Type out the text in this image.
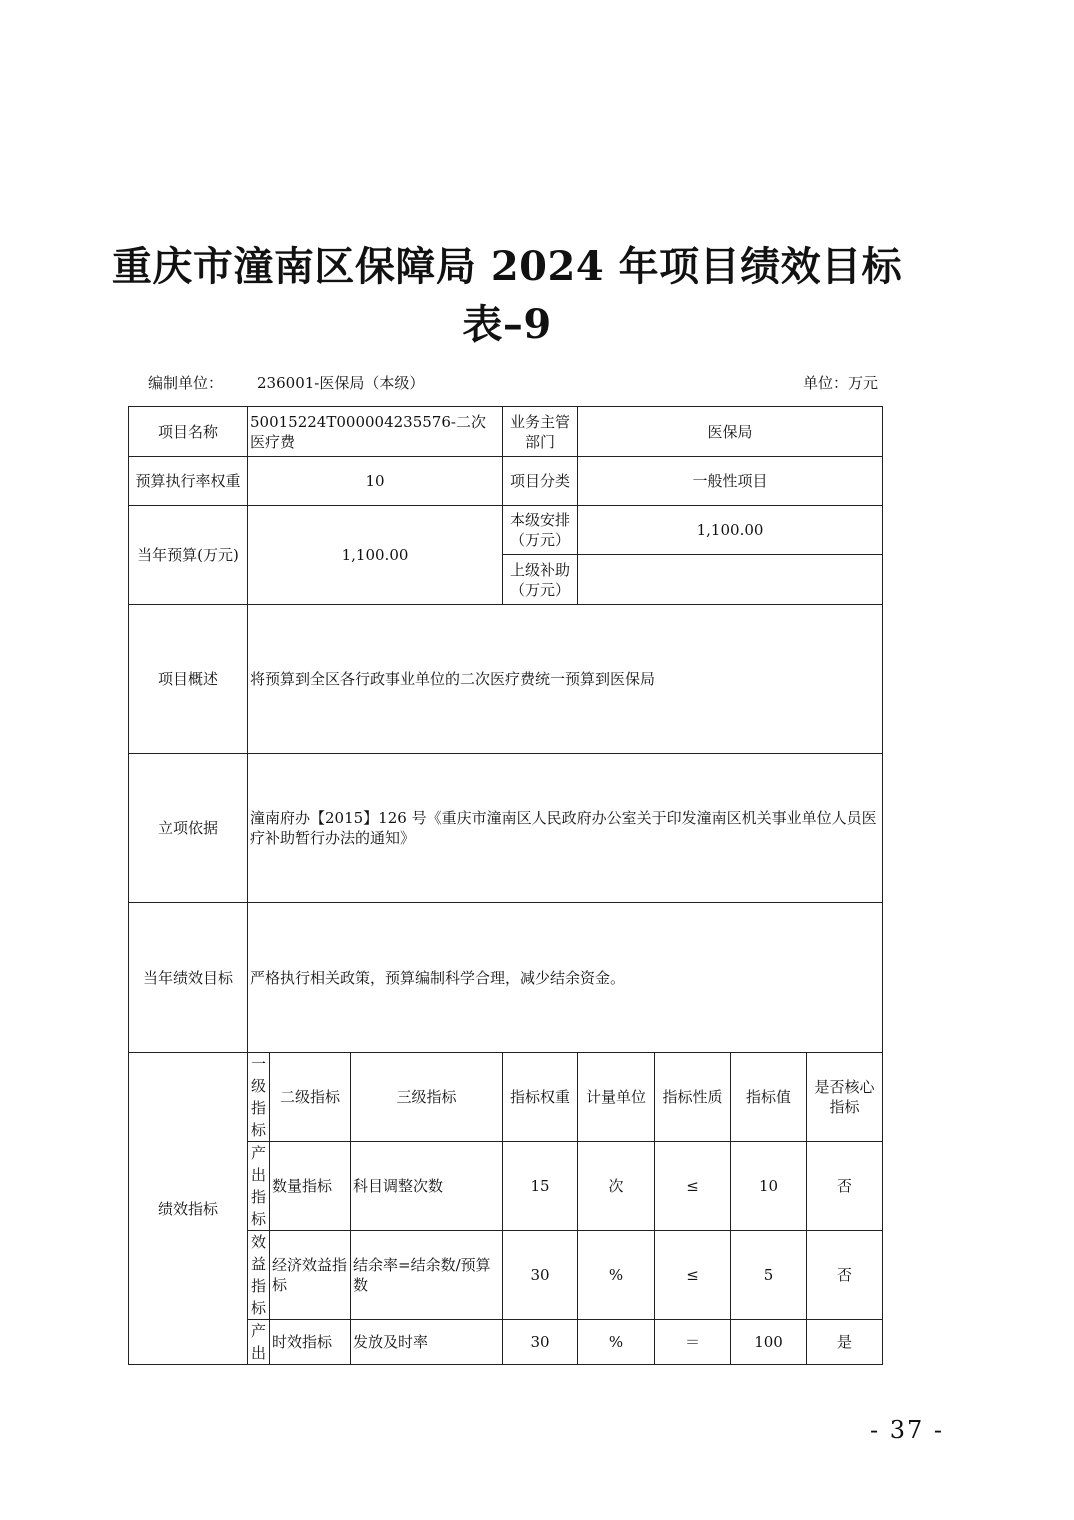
重庆市潼南区保障局 2024 年项目绩效目标
表–9
编制单位： 236001-医保局（本级）	单位：万元
项目名称	50015224T000004235576-二次医疗费			业务主管部门	医保局			
预算执行率权重	10			项目分类	一般性项目			
当年预算(万元)	1,100.00			本级安排（万元）	1,100.00			
				上级补助（万元）				
项目概述	将预算到全区各行政事业单位的二次医疗费统一预算到医保局							
立项依据	潼南府办【2015】126 号《重庆市潼南区人民政府办公室关于印发潼南区机关事业单位人员医疗补助暂行办法的通知》							
当年绩效目标	严格执行相关政策，预算编制科学合理，减少结余资金。							
绩效指标	一级指标	二级指标	三级指标	指标权重	计量单位	指标性质	指标值	是否核心指标
	产出指标	数量指标	科目调整次数	15	次	≤	10	否
	效益指标	经济效益指标	结余率=结余数/预算数	30	%	≤	5	否
	产出	时效指标	发放及时率	30	%	＝	100	是
- 37 -
